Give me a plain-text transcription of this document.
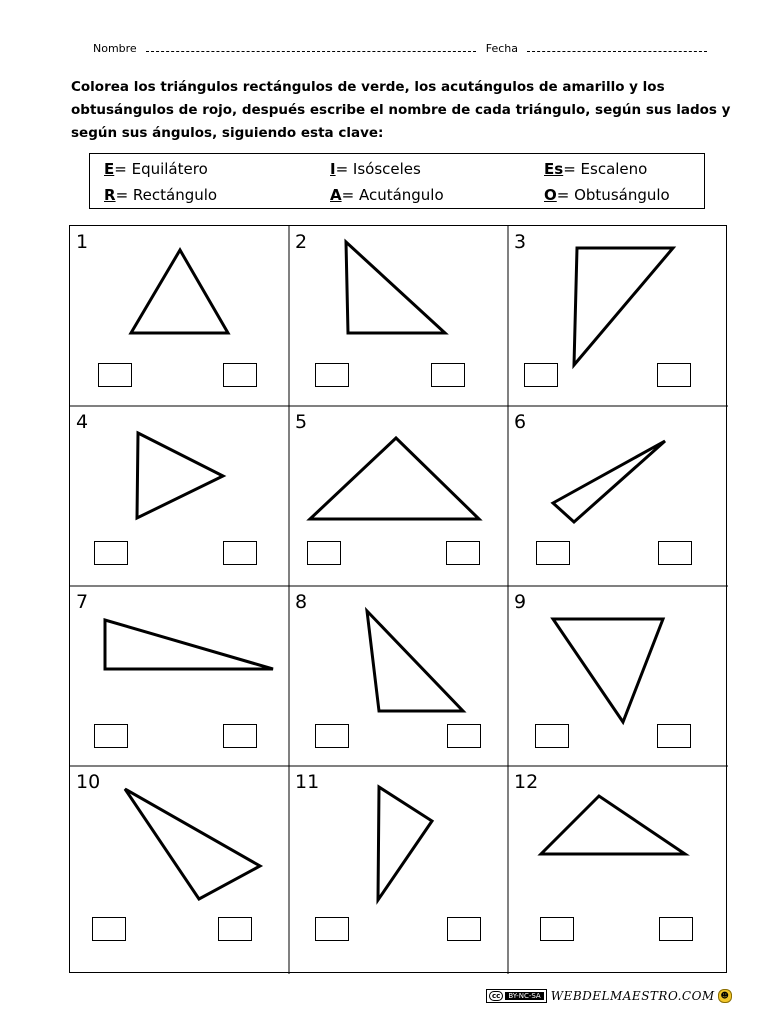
Nombre	Fecha
Colorea los triángulos rectángulos de verde, los acutángulos de amarillo y los
obtusángulos de rojo, después escribe el nombre de cada triángulo, según sus lados y
según sus ángulos, siguiendo esta clave:
E= Equilátero	I= Isósceles	Es= Escaleno
R= Rectángulo	A= Acutángulo	O= Obtusángulo
1	2	3
4	5	6
7	8	9
10	11	12
cc	BY-NC-SA WEBDELMAESTRO.COM ☻
